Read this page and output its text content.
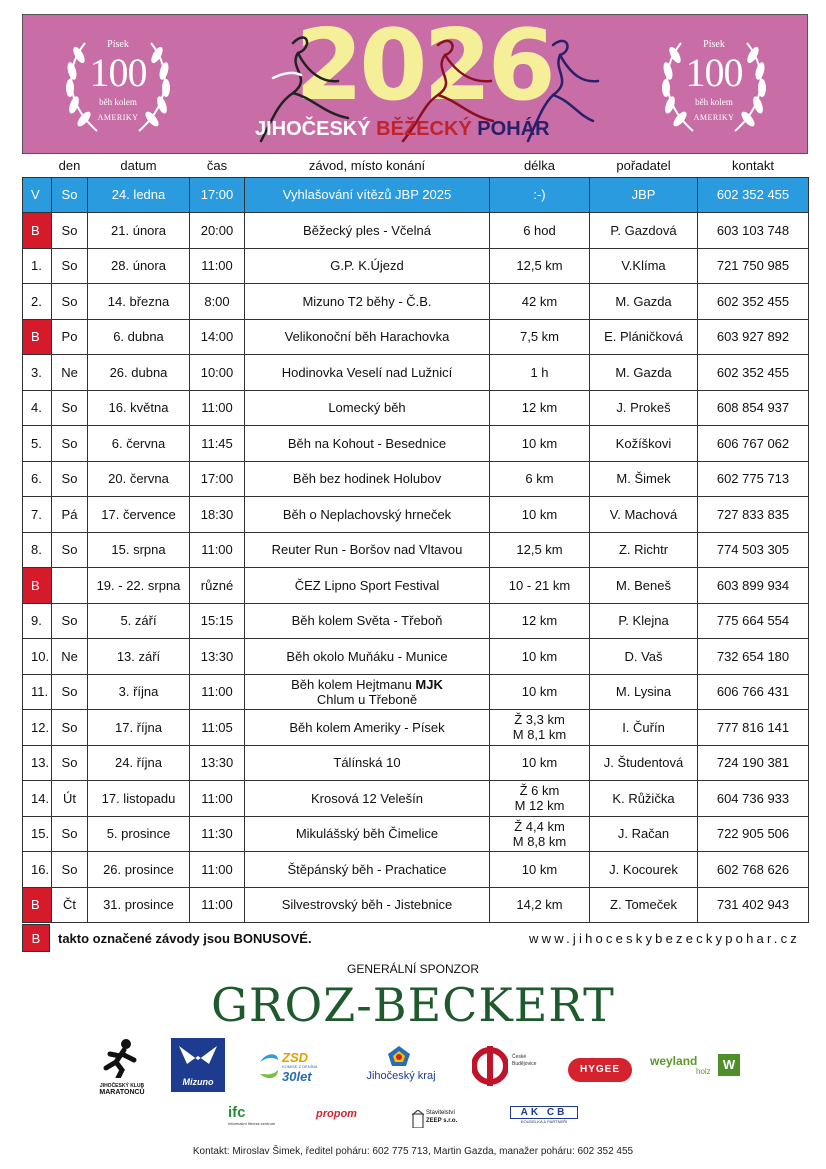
Písek
100
běh kolem
AMERIKY	2026
JIHOČESKÝ BĚŽECKÝ POHÁR
Písek
100
běh kolem
AMERIKY
	den	datum	čas	závod, místo konání	délka	pořadatel	kontakt
V	So	24. ledna	17:00	Vyhlašování vítězů JBP 2025	:-)	JBP	602 352 455
B	So	21. února	20:00	Běžecký ples - Včelná	6 hod	P. Gazdová	603 103 748
1.	So	28. února	11:00	G.P. K.Újezd	12,5 km	V.Klíma	721 750 985
2.	So	14. března	8:00	Mizuno T2 běhy - Č.B.	42 km	M. Gazda	602 352 455
B	Po	6. dubna	14:00	Velikonoční běh Harachovka	7,5 km	E. Pláničková	603 927 892
3.	Ne	26. dubna	10:00	Hodinovka Veselí nad Lužnicí	1 h	M. Gazda	602 352 455
4.	So	16. května	11:00	Lomecký běh	12 km	J. Prokeš	608 854 937
5.	So	6. června	11:45	Běh na Kohout - Besednice	10 km	Kožíškovi	606 767 062
6.	So	20. června	17:00	Běh bez hodinek Holubov	6 km	M. Šimek	602 775 713
7.	Pá	17. července	18:30	Běh o Neplachovský hrneček	10 km	V. Machová	727 833 835
8.	So	15. srpna	11:00	Reuter Run - Boršov nad Vltavou	12,5 km	Z. Richtr	774 503 305
B		19. - 22. srpna	různé	ČEZ Lipno Sport Festival	10 - 21 km	M. Beneš	603 899 934
9.	So	5. září	15:15	Běh kolem Světa - Třeboň	12 km	P. Klejna	775 664 554
10.	Ne	13. září	13:30	Běh okolo Muňáku - Munice	10 km	D. Vaš	732 654 180
11.	So	3. října	11:00	Běh kolem Hejtmanu MJK
Chlum u Třeboně	10 km	M. Lysina	606 766 431
12.	So	17. října	11:05	Běh kolem Ameriky - Písek	Ž 3,3 km
M 8,1 km	I. Čuřín	777 816 141
13.	So	24. října	13:30	Tálínská 10	10 km	J. Študentová	724 190 381
14.	Út	17. listopadu	11:00	Krosová 12 Velešín	Ž 6 km
M 12 km	K. Růžička	604 736 933
15.	So	5. prosince	11:30	Mikulášský běh Čimelice	Ž 4,4 km
M 8,8 km	J. Račan	722 905 506
16.	So	26. prosince	11:00	Štěpánský běh - Prachatice	10 km	J. Kocourek	602 768 626
B	Čt	31. prosince	11:00	Silvestrovský běh - Jistebnice	14,2 km	Z. Tomeček	731 402 943
B	takto označené závody jsou BONUSOVÉ.	www.jihoceskybezeckypohar.cz
GENERÁLNÍ SPONZOR
GROZ-BECKERT
JIHOČESKÝ KLUB
MARATONCŮ
Mizuno
ZSD
KOMISE Z DENÍNA
30let	Jihočeský kraj
České
Budějovice	HYGEE
weyland
holz W
ifc
Informační fitness centrum
propom	Stavitelství
ZEEP s.r.o.
AK CB
KOUDELKA & PARTNEŘI
Kontakt: Miroslav Šimek, ředitel poháru: 602 775 713, Martin Gazda, manažer poháru: 602 352 455
